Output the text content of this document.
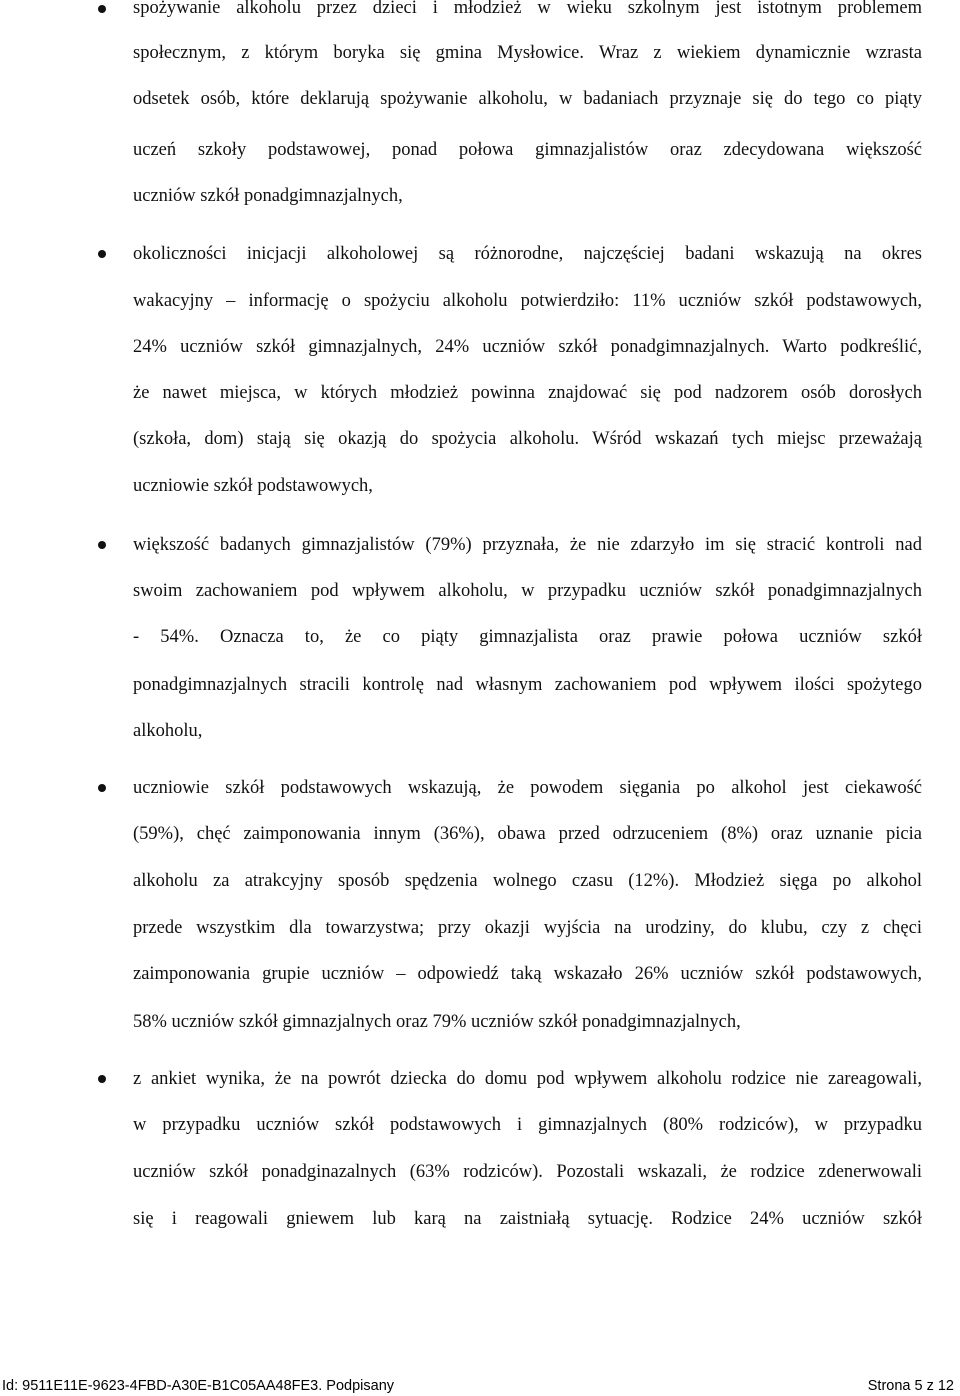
spożywanie alkoholu przez dzieci i młodzież w wieku szkolnym jest istotnym problemem
społecznym, z którym boryka się gmina Mysłowice. Wraz z wiekiem dynamicznie wzrasta
odsetek osób, które deklarują spożywanie alkoholu, w badaniach przyznaje się do tego co piąty
uczeń szkoły podstawowej, ponad połowa gimnazjalistów oraz zdecydowana większość
uczniów szkół ponadgimnazjalnych,
okoliczności inicjacji alkoholowej są różnorodne, najczęściej badani wskazują na okres
wakacyjny – informację o spożyciu alkoholu potwierdziło: 11% uczniów szkół podstawowych,
24% uczniów szkół gimnazjalnych, 24% uczniów szkół ponadgimnazjalnych. Warto podkreślić,
że nawet miejsca, w których młodzież powinna znajdować się pod nadzorem osób dorosłych
(szkoła, dom) stają się okazją do spożycia alkoholu. Wśród wskazań tych miejsc przeważają
uczniowie szkół podstawowych,
większość badanych gimnazjalistów (79%) przyznała, że nie zdarzyło im się stracić kontroli nad
swoim zachowaniem pod wpływem alkoholu, w przypadku uczniów szkół ponadgimnazjalnych
- 54%. Oznacza to, że co piąty gimnazjalista oraz prawie połowa uczniów szkół
ponadgimnazjalnych stracili kontrolę nad własnym zachowaniem pod wpływem ilości spożytego
alkoholu,
uczniowie szkół podstawowych wskazują, że powodem sięgania po alkohol jest ciekawość
(59%), chęć zaimponowania innym (36%), obawa przed odrzuceniem (8%) oraz uznanie picia
alkoholu za atrakcyjny sposób spędzenia wolnego czasu (12%). Młodzież sięga po alkohol
przede wszystkim dla towarzystwa; przy okazji wyjścia na urodziny, do klubu, czy z chęci
zaimponowania grupie uczniów – odpowiedź taką wskazało 26% uczniów szkół podstawowych,
58% uczniów szkół gimnazjalnych oraz 79% uczniów szkół ponadgimnazjalnych,
z ankiet wynika, że na powrót dziecka do domu pod wpływem alkoholu rodzice nie zareagowali,
w przypadku uczniów szkół podstawowych i gimnazjalnych (80% rodziców), w przypadku
uczniów szkół ponadginazalnych (63% rodziców). Pozostali wskazali, że rodzice zdenerwowali
się i reagowali gniewem lub karą na zaistniałą sytuację. Rodzice 24% uczniów szkół
Id: 9511E11E-9623-4FBD-A30E-B1C05AA48FE3. Podpisany	Strona 5 z 12
